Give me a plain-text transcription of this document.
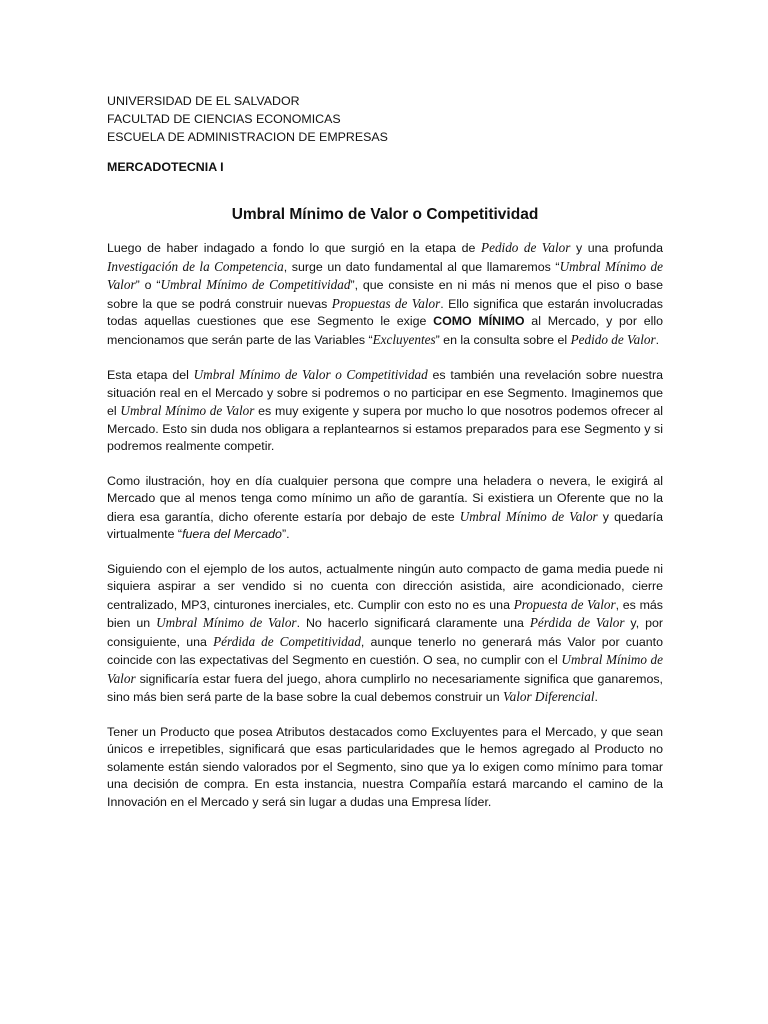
UNIVERSIDAD DE EL SALVADOR

FACULTAD DE CIENCIAS ECONOMICAS

ESCUELA DE ADMINISTRACION DE EMPRESAS

MERCADOTECNIA I

Umbral Mínimo de Valor o Competitividad

Luego de haber indagado a fondo lo que surgió en la etapa de Pedido de Valor y una profunda Investigación de la Competencia, surge un dato fundamental al que llamaremos “Umbral Mínimo de Valor” o “Umbral Mínimo de Competitividad”, que consiste en ni más ni menos que el piso o base sobre la que se podrá construir nuevas Propuestas de Valor. Ello significa que estarán involucradas todas aquellas cuestiones que ese Segmento le exige COMO MÍNIMO al Mercado, y por ello mencionamos que serán parte de las Variables “Excluyentes” en la consulta sobre el Pedido de Valor.

Esta etapa del Umbral Mínimo de Valor o Competitividad es también una revelación sobre nuestra situación real en el Mercado y sobre si podremos o no participar en ese Segmento. Imaginemos que el Umbral Mínimo de Valor es muy exigente y supera por mucho lo que nosotros podemos ofrecer al Mercado. Esto sin duda nos obligara a replantearnos si estamos preparados para ese Segmento y si podremos realmente competir.

Como ilustración, hoy en día cualquier persona que compre una heladera o nevera, le exigirá al Mercado que al menos tenga como mínimo un año de garantía. Si existiera un Oferente que no la diera esa garantía, dicho oferente estaría por debajo de este Umbral Mínimo de Valor y quedaría virtualmente “fuera del Mercado”.

Siguiendo con el ejemplo de los autos, actualmente ningún auto compacto de gama media puede ni siquiera aspirar a ser vendido si no cuenta con dirección asistida, aire acondicionado, cierre centralizado, MP3, cinturones inerciales, etc. Cumplir con esto no es una Propuesta de Valor, es más bien un Umbral Mínimo de Valor. No hacerlo significará claramente una Pérdida de Valor y, por consiguiente, una Pérdida de Competitividad, aunque tenerlo no generará más Valor por cuanto coincide con las expectativas del Segmento en cuestión. O sea, no cumplir con el Umbral Mínimo de Valor significaría estar fuera del juego, ahora cumplirlo no necesariamente significa que ganaremos, sino más bien será parte de la base sobre la cual debemos construir un Valor Diferencial.

Tener un Producto que posea Atributos destacados como Excluyentes para el Mercado, y que sean únicos e irrepetibles, significará que esas particularidades que le hemos agregado al Producto no solamente están siendo valorados por el Segmento, sino que ya lo exigen como mínimo para tomar una decisión de compra. En esta instancia, nuestra Compañía estará marcando el camino de la Innovación en el Mercado y será sin lugar a dudas una Empresa líder.
